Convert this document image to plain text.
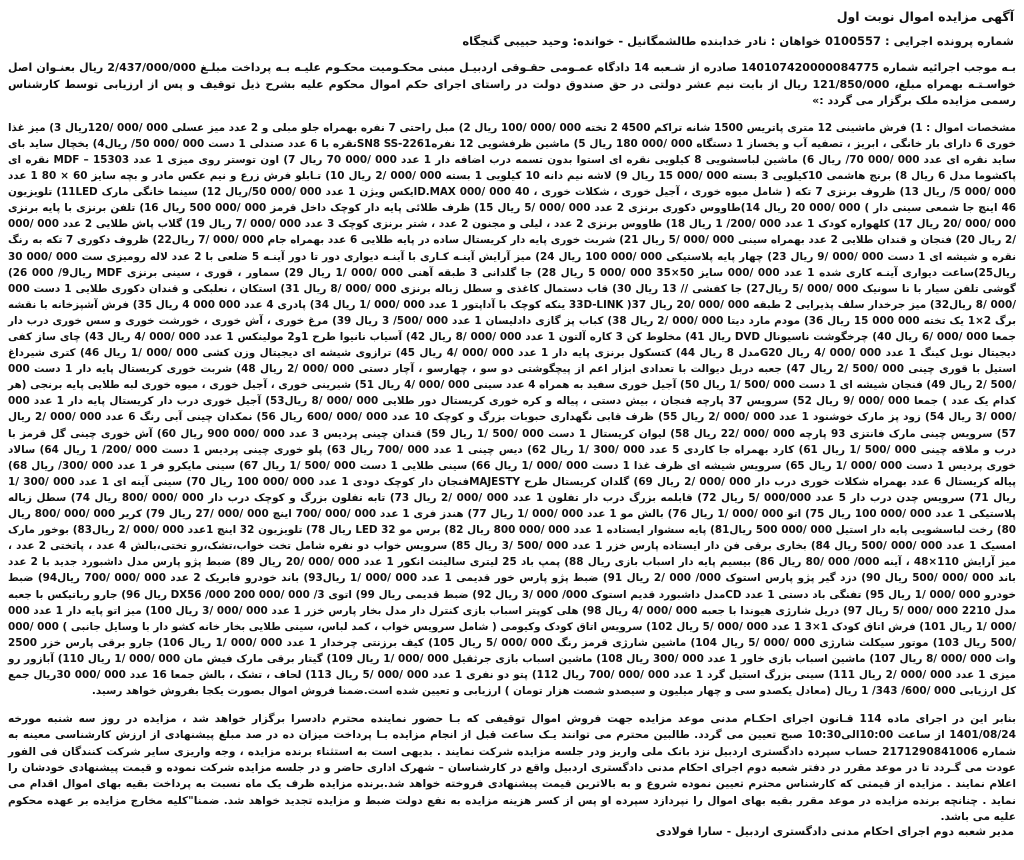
آگهی مزایده اموال نوبت اول
شماره پرونده اجرایی : 0100557 خواهان : نادر خدابنده طالشمگانیل - خوانده: وحید حبیبی گنجگاه
بـه موجب اجرائیه شماره 140107420000084775 صادره از شـعبه 14 دادگاه عمـومی حقـوقی اردبیـل مبنی محکـومیت محکـوم علیـه بـه پرداخت مبلـغ 2/437/000/000 ریال بعنـوان اصل خواسـتـه بهمراه مبلغ، 121/850/000 ریال از بابت نیم عشر دولتی در حق صندوق دولت در راستای اجرای حکم اموال محکوم علیه بشرح ذیل توقیف و پس از ارزیابی توسط کارشناس رسمی مزایده ملک برگزار می گردد :»
مشخصات اموال : 1) فرش ماشینی 12 متری پاتریس 1500 شانه تراکم 4500 2 تخته 000 /000 /100 ریال 2) مبل راحتی 7 نفره بهمراه جلو مبلی و 2 عدد میز عسلی 000 /000 /120ریال 3) میز غذا خوری 6 دارای بار خانگی ، ابریز ، تصفیه آب و یخساز 1 دستگاه 000 /000 180 ریال 5) ماشین ظرفشویی 12 نفره2261-SN8 SSنقره با 6 عدد صندلی 1 دست 000 /000 50/ ریال4) یخچال ساید بای ساید نقره ای عدد 000 /000 70/ ریال 6) ماشین لباسشویی 8 کیلویی نقره ای استوا بدون تسمه درب اضافه دار 1 عدد 000 /000 70 ریال 7) اون توستر روی میزی 1 عدد 15303 – MDF نقره ای پاکشوما مدل 6 ریال 8) برنج هاشمی 10کیلویی 3 بسته 000 /000 15 ریال 9) لاشه نیم دانه 10 کیلویی 1 بسته 000 /000 /2 ریال 10) تـابلو فرش زرع و نیم عکس مادر و بچه سایز 60 × 80 1 عدد 000 /000 5/ ریال 13) ظروف برنزی 7 تکه ( شامل میوه خوری ، آجیل خوری ، شکلات خوری ، 40 000 /000 D.MAXایکس ویژن 1 عدد 000 /000 50/ریال 12) سینما خانگی مارک 11LED) تلویزیون 46 اینچ جا شمعی سینی دار ) 000 /000 20 ریال 14)طاووس دکوری برنزی 2 عدد 000 /000 /5 ریال 15) ظرف طلائی پایه دار کوچک داخل قرمز 000 /000 500 ریال 16) تلفن برنزی با پایه برنزی 000 /000 /20 ریال 17) کلهواره کودک 1 عدد 000 /200/ 1 ریال 18) طاووس برنزی 2 عدد ، لیلی و مجنون 2 عدد ، شتر برنزی کوچک 3 عدد 000 /000 /7 ریال 19) گلاب پاش طلایی 2 عدد 000 /000 /2 ریال 20) فنجان و قندان طلایی 2 عدد بهمراه سینی 000 /000 /5 ریال 21) شربت خوری پایه دار کریستال ساده در پایه طلایی 6 عدد بهمراه جام 000 /000 /7 ریال22) ظروف دکوری 7 تکه به رنگ نقره و شیشه ای 1 دست 000 /000 /9 ریال 23) چهار پایه پلاستیکی 000 /000 100 ریال 24) میز آرایش آینـه کـاری با آینـه دیواری دور تا دور آینـه 5 ضلعی با 2 عدد لاله رومیزی ست 000 /000 30 ریال25)ساعت دیواری آینـه کاری شده 1 عدد 000 /000 سایز 50×35 000 /000 5 ریال 28) جا گلدانی 3 طبقه آهنی 000 /000 /1 ریال 29) سماور ، قوری ، سینی برنزی MDF ریال9/ 000 26) گوشی تلفن سیار با نا سونیک 000 /000 /5 ریال27) جا کفشی // 13 ریال 30) قاب دستمال کاغذی و سطل زباله برنزی 000 /000 /8 ریال 31) استکان ، نعلبکی و قندان دکوری طلایی 1 دست 000 /000 /8 ریال32) میز جرخدار سلف پذیرایی 2 طبقه 000 /000 /20 ریال 33D-LINK )37 ینکه کوچک با آداپتور 1 عدد 000 /000 /1 ریال 34) پادری 4 عدد 000 000 4 ریال 35) فرش آشپزخانه با نقشه برگ 2×1 یک تخته 000 000 15 ریال 36) مودم مارد دیتا 000 /000 /2 ریال 38) کباب پز گازی دادلیسان 1 عدد 000 /500/ 3 ریال 39) مرغ خوری ، آش خوری ، خورشت خوری و سس خوری درب دار جمعا 000 /000 /6 ریال 40) چرخگوشت ناسیونال DVD ریال 41) مخلوط کن 3 کاره آلتون 1 عدد 000 /000 /8 ریال 42) آسیاب نانیوا طرح 1و2 مولینکس 1 عدد 000 /000 /4 ریال 43) چای ساز کفی دیجیتال نوبل کینگ 1 عدد 000 /000 /4 ریال G20مدل 8 ریال 44) کتسکول برنزی پایه دار 1 عدد 000 /000 /4 ریال 45) ترازوی شیشه ای دیجیتال وزن کشی 000 /000 /1 ریال 46) کتری شیرداغ استیل با قوری چینی 000 /500 /2 ریال 47) جعبه دربل دیوالت با تعدادی ابزار اعم از پیچگوشتی دو سو ، چهارسو ، آچار دستی 000 /000 /2 ریال 48) شربت خوری کریستال پایه دار 1 دست 000 /500 /2 ریال 49) فنجان شیشه ای 1 دست 000 /500 /1 ریال 50) آجیل خوری سفید به همراه 4 عدد سینی 000 /000 /4 ریال 51) شیرینی خوری ، آجیل خوری ، میوه خوری لبه طلایی پایه برنجی (هر کدام یک عدد ) جمعا 000 /000 /9 ریال 52) سرویس 37 پارچه فنجان ، بیش دستی ، پیاله و کره خوری کریستال دور طلایی 000 /000 /8 ریال53) آجیل خوری درب دار کریستال پایه دار 1 عدد 000 /000 /3 ریال 54) زود پز مارک خوشنود 1 عدد 000 /000 /2 ریال 55) ظرف قابی نگهداری حبوبات بزرگ و کوچک 10 عدد 000 /000 /600 ریال 56) نمکدان چینی آبی رنگ 6 عدد 000 /000 /2 ریال 57) سرویس چینی مارک فانتزی 93 پارچه 000 /000 /22 ریال 58) لیوان کریستال 1 دست 000 /500 /1 ریال 59) قندان چینی پردیس 3 عدد 000 /000 900 ریال 60) آش خوری چینی گل قرمز با درب و ملاقه چینی 000 /500 /1 ریال 61) کارد بهمراه جا کاردی 5 عدد 000 /300 /1 ریال 62) دیس چینی 1 عدد 000 /700 ریال 63) پلو خوری چینی پردیس 1 دست 000 /200/ 1 ریال 64) سالاد خوری پردیس 1 دست 000 /000 /1 ریال 65) سرویس شیشه ای ظرف غذا 1 دست 000 /000 /1 ریال 66) سینی طلایی 1 دست 000 /500 /1 ریال 67) سینی مایکرو فر 1 عدد 000 /300/ ریال 68) پیاله کریستال 6 عدد بهمراه شکلات خوری درب دار 000 /000 /2 ریال 69) گلدان کریستال طرح MAJESTYفنجان دار کوچک دودی 1 عدد 000 /000 100 ریال 70) سینی آینه ای 1 عدد 000 /300 /1 ریال 71) سرویس چدن درب دار 5 عدد 000/000 /5 ریال 72) قابلمه بزرگ درب دار تفلون 1 عدد 000 /000 /2 ریال 73) تابه تفلون بزرگ و کوچک درب دار 000 /000 /800 ریال 74) سطل زباله پلاستیکی 1 عدد 000 /000 100 ریال 75) اتو 000 /000 /1 ریال 76) بالش مو 1 عدد 000 /000 /1 ریال 77) هندز فری 1 عدد 000 /000 /700 اینچ 000 /000 /27 ریال 79) کریر 000 /000 /800 ریال 80) رخت لباسشویی پایه دار استیل 000 /000 500 ریال81) پایه سشوار ایستاده 1 عدد 000 /000 800 ریال 82) برس مو 32 LED ریال 78) تلویزیون 32 اینچ 1عدد 000 /000 /2 ریال83) بوخور مارک امسیک 1 عدد 000 /000 /500 ریال 84) بخاری برقی فن دار ایستاده پارس خزر 1 عدد 000 /500 /3 ریال 85) سرویس خواب دو نفره شامل تخت خواب،تشک،رو تختی،بالش 4 عدد ، پاتختی 2 عدد ، میز آرایش 110×48 ، آینه 000/ 000 /80 ریال 86) بیسیم پایه دار اسباب بازی ریال 88) پمپ باد 25 لیتری سالیتت انکور 1 عدد 000 /000 /20 ریال 89) ضبط پژو پارس مدل داشبورد جدید با 2 عدد باند 000 /000 /500 ریال 90) دزد گیر پژو پارس استوک 000/ 000 /2 ریال 91) ضبط پژو پارس خور قدیمی 1 عدد 000 /000 /1 ریال93) باند خودرو فابریک 2 عدد 000 /000 /700 ریال94) ضبط خودرو 000 /000 /1 ریال 95) تفنگی باد دستی 1 عدد CDمدل داشبورد قدیم استوک 000/ 000 /3 ریال 92) ضبط قدیمی ریال 99) اتوی 3/ 000 /000 DX56 /000 200 ریال 96) جارو رباتیکس با جعبه مدل 2210 000 /000 /5 ریال 97) دریل شارژی هیوندا با جعبه 000 /000 /4 ریال 98) هلی کوپتر اسباب بازی کنترل دار مدل بخار پارس خزر 1 عدد 000 /000 /3 ریال 100) میز اتو پایه دار 1 عدد 000 /000 /1 ریال 101) فرش اتاق کودک 1×3 1 عدد 000 /000 /5 ریال 102) سرویس اتاق کودک وکیومی ( شامل سرویس خواب ، کمد لباس، سینی طلایی بخار خانه کشو دار با وسایل جانبی ) 000 /000 /500 ریال 103) موتور سیکلت شارژی 000 /000 /5 ریال 104) ماشین شارژی قرمز رنگ 000 /000 /5 ریال 105) کیف برزنتی چرخدار 1 عدد 000 /000 /1 ریال 106) جارو برقی پارس خزر 2500 وات 000 /000 /8 ریال 107) ماشین اسباب بازی خاور 1 عدد 000 /300 ریال 108) ماشین اسباب بازی جرثقیل 000 /000 /1 ریال 109) گیتار برقی مارک فیش مان 000 /000 /1 ریال 110) آبازور رو میزی 1 عدد 000 /000 /2 ریال 111) سینی بزرگ استیل گرد 1 عدد 000 /000 /700 ریال 112) پتو دو نفری 1 عدد 000 /000 /5 ریال 113) لحاف ، تشک ، بالش جمعا 16 عدد 000 /000 30ریال جمع کل ارزیابی 000 /600/ 343/ 1 ریال (معادل یکصدو سی و چهار میلیون و سیصدو شصت هزار تومان ) ارزیابی و تعیین شده است.ضمنا فروش اموال بصورت یکجا بفروش خواهد رسید.
بنابر این در اجرای ماده 114 قـانون اجرای احکـام مدنی موعد مزایده جهت فروش اموال توقیفی که بـا حضور نماینده محترم دادسرا برگزار خواهد شد ، مزایده در روز سه شنبه مورخه 1401/08/24 از ساعت 10:00الی10:30 صبح تعیین می گردد. طالبین محترم می توانند یـک ساعت قبل از انجام مزایده بـا پرداخت میزان ده در صد مبلغ پیشنهادی از ارزش کارشناسی معینه به شماره 2171290841006 حساب سپرده دادگستری اردبیل نزد بانک ملی واریز ودر جلسه مزایده شرکت نمایند . بدیهی است به استثناء برنده مزایده ، وجه واریزی سایر شرکت کنندگان فی الفور عودت می گـردد تا در موعد مقرر در دفتر شعبه دوم اجرای احکام مدنی دادگستری اردبیل واقع در کارشناسان – شهرک اداری حاضر و در جلسه مزایده شرکت نموده و قیمت پیشنهادی خودشان را اعلام نمایند . مزایده از قیمتی که کارشناس محترم تعیین نموده شروع و به بالاترین قیمت پیشنهادی فروخته خواهد شد.برنده مزایده ظرف یک ماه نسبت به پرداخت بقیه بهای اموال اقدام می نماید . چنانچه برنده مزایده در موعد مقرر بقیه بهای اموال را نپردازد سپرده او پس از کسر هزینه مزایده به نفع دولت ضبط و مزایده تجدید خواهد شد. ضمنا"کلیه مخارج مزایده بر عهده محکوم علیه می باشد.
مدیر شعبه دوم اجرای احکام مدنی دادگستری اردبیل - سارا فولادی
